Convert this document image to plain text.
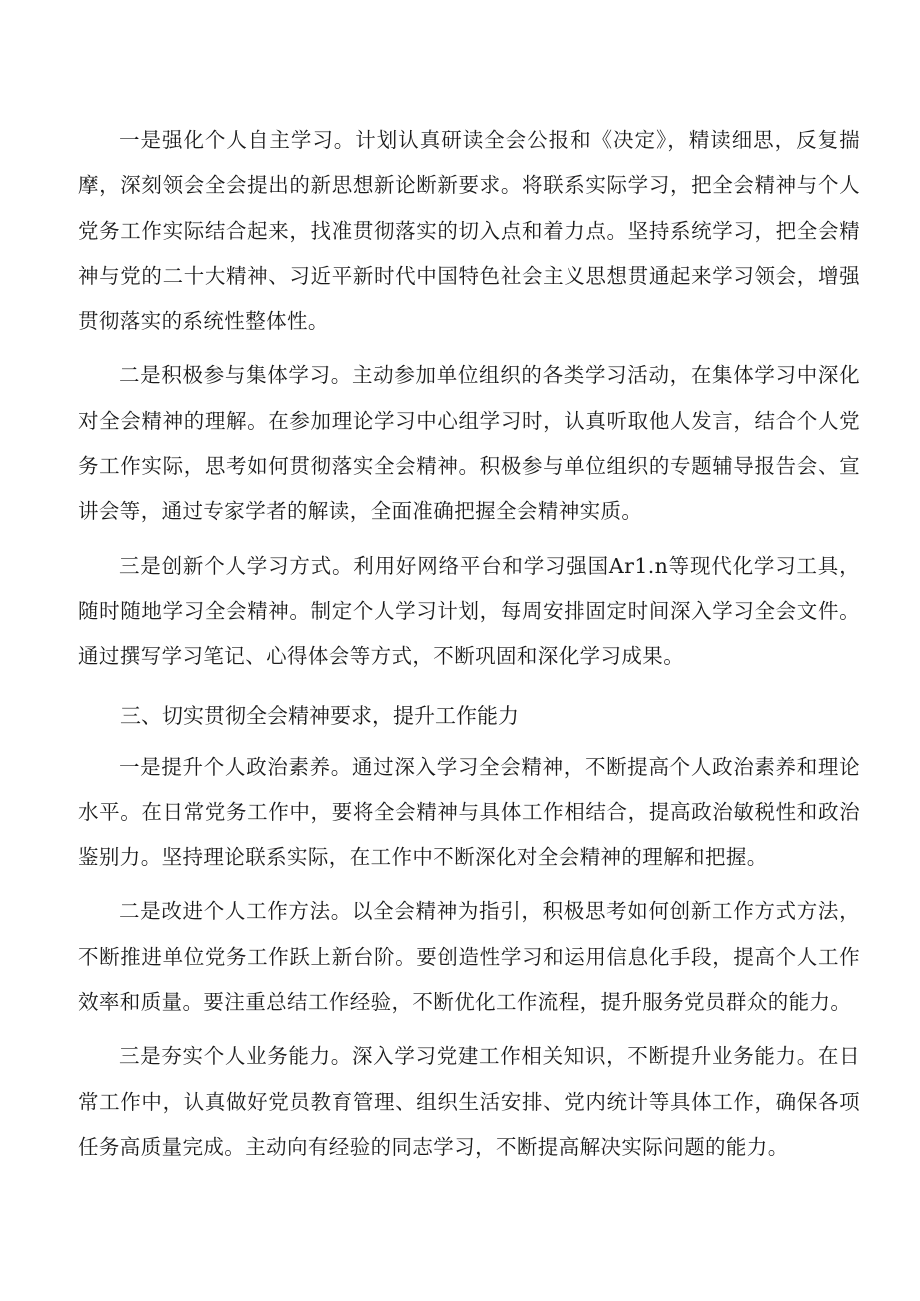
一是强化个人自主学习。计划认真研读全会公报和《决定》，精读细思，反复揣摩，深刻领会全会提出的新思想新论断新要求。将联系实际学习，把全会精神与个人党务工作实际结合起来，找准贯彻落实的切入点和着力点。坚持系统学习，把全会精神与党的二十大精神、习近平新时代中国特色社会主义思想贯通起来学习领会，增强贯彻落实的系统性整体性。

二是积极参与集体学习。主动参加单位组织的各类学习活动，在集体学习中深化对全会精神的理解。在参加理论学习中心组学习时，认真听取他人发言，结合个人党务工作实际，思考如何贯彻落实全会精神。积极参与单位组织的专题辅导报告会、宣讲会等，通过专家学者的解读，全面准确把握全会精神实质。

三是创新个人学习方式。利用好网络平台和学习强国Ar1.n等现代化学习工具，随时随地学习全会精神。制定个人学习计划，每周安排固定时间深入学习全会文件。通过撰写学习笔记、心得体会等方式，不断巩固和深化学习成果。

三、切实贯彻全会精神要求，提升工作能力

一是提升个人政治素养。通过深入学习全会精神，不断提高个人政治素养和理论水平。在日常党务工作中，要将全会精神与具体工作相结合，提高政治敏税性和政治鉴别力。坚持理论联系实际，在工作中不断深化对全会精神的理解和把握。

二是改进个人工作方法。以全会精神为指引，积极思考如何创新工作方式方法，不断推进单位党务工作跃上新台阶。要创造性学习和运用信息化手段，提高个人工作效率和质量。要注重总结工作经验，不断优化工作流程，提升服务党员群众的能力。

三是夯实个人业务能力。深入学习党建工作相关知识，不断提升业务能力。在日常工作中，认真做好党员教育管理、组织生活安排、党内统计等具体工作，确保各项任务高质量完成。主动向有经验的同志学习，不断提高解决实际问题的能力。
